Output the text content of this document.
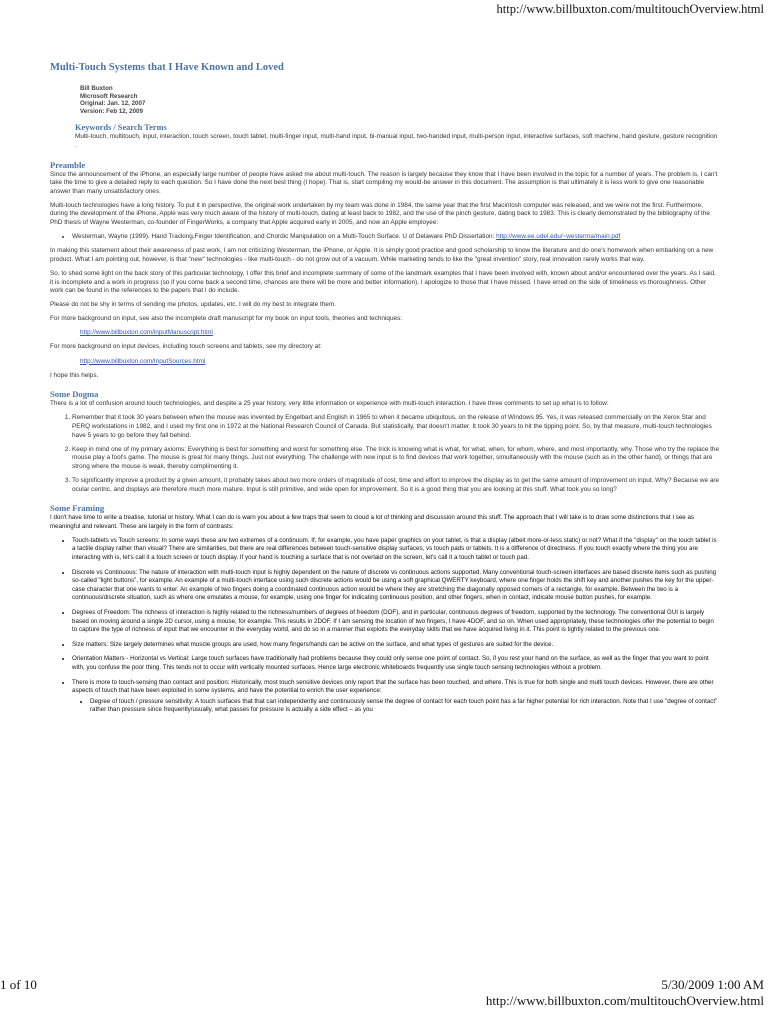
http://www.billbuxton.com/multitouchOverview.html
Multi-Touch Systems that I Have Known and Loved
Bill Buxton
Microsoft Research
Original: Jan. 12, 2007
Version: Feb 12, 2009
Keywords / Search Terms

Multi-touch, multitouch, input, interaction, touch screen, touch tablet, multi-finger input, multi-hand input, bi-manual input, two-handed input, multi-person input, interactive surfaces, soft machine, hand gesture, gesture recognition .

Preamble

Since the announcement of the iPhone, an especially large number of people have asked me about multi-touch. The reason is largely because they know that I have been involved in the topic for a number of years. The problem is, I can't take the time to give a detailed reply to each question. So I have done the next best thing (I hope). That is, start compiling my would-be answer in this document. The assumption is that ultimately it is less work to give one reasonable answer than many unsatisfactory ones.

Multi-touch technologies have a long history. To put it in perspective, the original work undertaken by my team was done in 1984, the same year that the first Macintosh computer was released, and we were not the first. Furthermore, during the development of the iPhone, Apple was very much aware of the history of multi-touch, dating at least back to 1982, and the use of the pinch gesture, dating back to 1983. This is clearly demonstrated by the bibliography of the PhD thesis of Wayne Westerman, co-founder of FingerWorks, a company that Apple acquired early in 2005, and now an Apple employee:

• Westerman, Wayne (1999). Hand Tracking,Finger Identification, and Chordic Manipulation on a Multi-Touch Surface. U of Delaware PhD Dissertation: http://www.ee.udel.edu/~westerma/main.pdf

In making this statement about their awareness of past work, I am not criticizing Westerman, the iPhone, or Apple. It is simply good practice and good scholarship to know the literature and do one's homework when embarking on a new product. What I am pointing out, however, is that "new" technologies - like multi-touch - do not grow out of a vacuum. While marketing tends to like the "great invention" story, real innovation rarely works that way.

So, to shed some light on the back story of this particular technology, I offer this brief and incomplete summary of some of the landmark examples that I have been involved with, known about and/or encountered over the years. As I said, it is incomplete and a work in progress (so if you come back a second time, chances are there will be more and better information). I apologize to those that I have missed. I have erred on the side of timeliness vs thoroughness. Other work can be found in the references to the papers that I do include.

Please do not be shy in terms of sending me photos, updates, etc. I will do my best to integrate them.

For more background on input, see also the incomplete draft manuscript for my book on input tools, theories and techniques:

http://www.billbuxton.com/inputManuscript.html

For more background on input devices, including touch screens and tablets, see my directory at:

http://www.billbuxton.com/InputSources.html

I hope this helps.

Some Dogma

There is a lot of confusion around touch technologies, and despite a 25 year history, very little information or experience with multi-touch interaction. I have three comments to set up what is to follow:

1. Remember that it took 30 years between when the mouse was invented by Engelbart and English in 1965 to when it became ubiquitous, on the release of Windows 95. Yes, it was released commercially on the Xerox Star and PERQ workstations in 1982, and I used my first one in 1972 at the National Research Council of Canada. But statistically, that doesn't matter. It took 30 years to hit the tipping point. So, by that measure, multi-touch technologies have 5 years to go before they fall behind.
2. Keep in mind one of my primary axioms: Everything is best for something and worst for something else. The trick is knowing what is what, for what, when, for whom, where, and most importantly, why. Those who try the replace the mouse play a fool's game. The mouse is great for many things. Just not everything. The challenge with new input is to find devices that work together, simultaneously with the mouse (such as in the other hand), or things that are strong where the mouse is weak, thereby complimenting it.
3. To significantly improve a product by a given amount, it probably takes about two more orders of magnitude of cost, time and effort to improve the display as to get the same amount of improvement on input. Why? Because we are ocular centric, and displays are therefore much more mature. Input is still primitive, and wide open for improvement. So it is a good thing that you are looking at this stuff. What took you so long?
Some Framing

I don't have time to write a treatise, tutorial or history. What I can do is warn you about a few traps that seem to cloud a lot of thinking and discussion around this stuff. The approach that I will take is to draw some distinctions that I see as meaningful and relevant. These are largely in the form of contrasts:

• Touch-tablets vs Touch screens: In some ways these are two extremes of a continuum. If, for example, you have paper graphics on your tablet, is that a display (albeit more-or-less static) or not? What if the "display" on the touch tablet is a tactile display rather than visual? There are similarities, but there are real differences between touch-sensitive display surfaces, vs touch pads or tablets. It is a difference of directness. If you touch exactly where the thing you are interacting with is, let's call it a touch screen or touch display. If your hand is touching a surface that is not overlaid on the screen, let's call it a touch tablet or touch pad.
• Discrete vs Continuous: The nature of interaction with multi-touch input is highly dependent on the nature of discrete vs continuous actions supported. Many conventional touch-screen interfaces are based discrete items such as pushing so-called "light buttons", for example. An example of a multi-touch interface using such discrete actions would be using a soft graphical QWERTY keyboard, where one finger holds the shift key and another pushes the key for the upper-case character that one wants to enter. An example of two fingers doing a coordinated continuous action would be where they are stretching the diagonally opposed corners of a rectangle, for example. Between the two is a continuous/discrete situation, such as where one emulates a mouse, for example, using one finger for indicating continuous position, and other fingers, when in contact, indicate mouse button pushes, for example.
• Degrees of Freedom: The richness of interaction is highly related to the richness/numbers of degrees of freedom (DOF), and in particular, continuous degrees of freedom, supported by the technology. The conventional GUI is largely based on moving around a single 2D cursor, using a mouse, for example. This results in 2DOF. If I am sensing the location of two fingers, I have 4DOF, and so on. When used appropriately, these technologies offer the potential to begin to capture the type of richness of input that we encounter in the everyday world, and do so in a manner that exploits the everyday skills that we have acquired living in it. This point is tightly related to the previous one.
• Size matters: Size largely determines what muscle groups are used, how many fingers/hands can be active on the surface, and what types of gestures are suited for the device.
• Orientation Matters - Horizontal vs Vertical: Large touch surfaces have traditionally had problems because they could only sense one point of contact. So, if you rest your hand on the surface, as well as the finger that you want to point with, you confuse the poor thing. This tends not to occur with vertically mounted surfaces. Hence large electronic whiteboards frequently use single touch sensing technologies without a problem.
• There is more to touch-sensing than contact and position: Historically, most touch sensitive devices only report that the surface has been touched, and where. This is true for both single and multi touch devices. However, there are other aspects of touch that have been exploited in some systems, and have the potential to enrich the user experience:
• Degree of touch / pressure sensitivity: A touch surfaces that that can independently and continuously sense the degree of contact for each touch point has a far higher potential for rich interaction. Note that I use "degree of contact" rather than pressure since frequently/usually, what passes for pressure is actually a side effect – as you
1 of 10	5/30/2009 1:00 AM
http://www.billbuxton.com/multitouchOverview.html
